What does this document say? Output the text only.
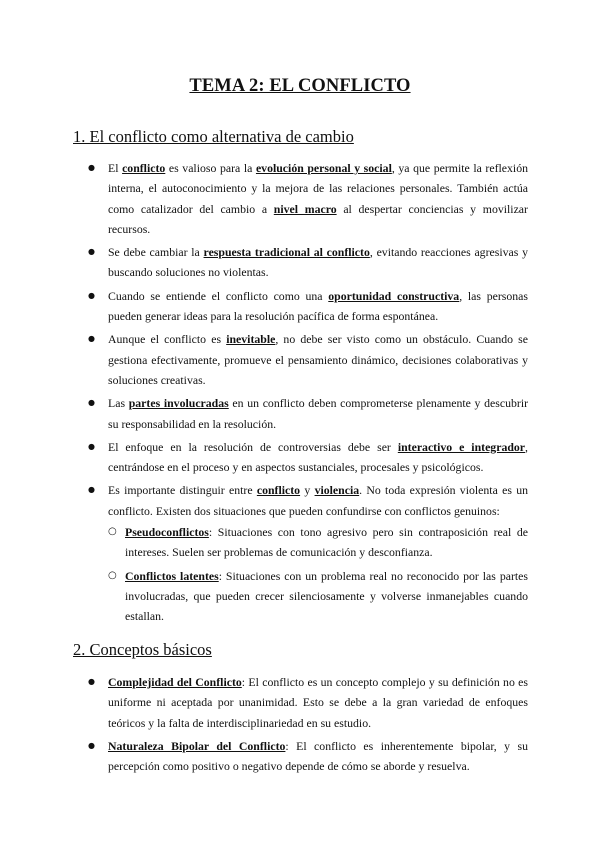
TEMA 2: EL CONFLICTO
1. El conflicto como alternativa de cambio
● El conflicto es valioso para la evolución personal y social, ya que permite la reflexión interna, el autoconocimiento y la mejora de las relaciones personales. También actúa como catalizador del cambio a nivel macro al despertar conciencias y movilizar recursos.
● Se debe cambiar la respuesta tradicional al conflicto, evitando reacciones agresivas y buscando soluciones no violentas.
● Cuando se entiende el conflicto como una oportunidad constructiva, las personas pueden generar ideas para la resolución pacífica de forma espontánea.
● Aunque el conflicto es inevitable, no debe ser visto como un obstáculo. Cuando se gestiona efectivamente, promueve el pensamiento dinámico, decisiones colaborativas y soluciones creativas.
● Las partes involucradas en un conflicto deben comprometerse plenamente y descubrir su responsabilidad en la resolución.
● El enfoque en la resolución de controversias debe ser interactivo e integrador, centrándose en el proceso y en aspectos sustanciales, procesales y psicológicos.
● Es importante distinguir entre conflicto y violencia. No toda expresión violenta es un conflicto. Existen dos situaciones que pueden confundirse con conflictos genuinos:
○ Pseudoconflictos: Situaciones con tono agresivo pero sin contraposición real de intereses. Suelen ser problemas de comunicación y desconfianza.
○ Conflictos latentes: Situaciones con un problema real no reconocido por las partes involucradas, que pueden crecer silenciosamente y volverse inmanejables cuando estallan.
2. Conceptos básicos
● Complejidad del Conflicto: El conflicto es un concepto complejo y su definición no es uniforme ni aceptada por unanimidad. Esto se debe a la gran variedad de enfoques teóricos y la falta de interdisciplinariedad en su estudio.
● Naturaleza Bipolar del Conflicto: El conflicto es inherentemente bipolar, y su percepción como positivo o negativo depende de cómo se aborde y resuelva.
